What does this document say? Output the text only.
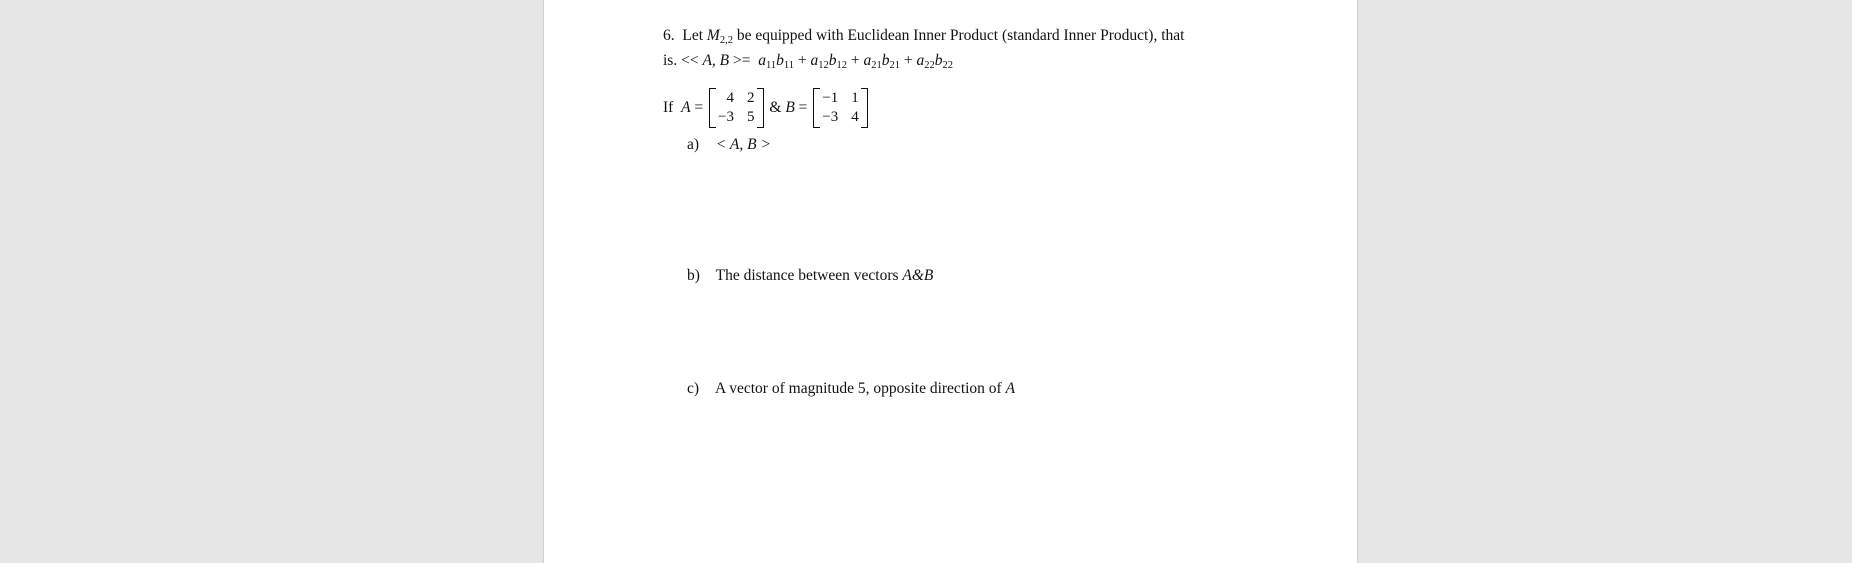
6. Let $M_{2,2}$ be equipped with Euclidean Inner Product (standard Inner Product), that
is. << A, $B >= a_{11}b_{11} + a_{12}b_{12} + a_{21}b_{21} + a_{22}b_{22}$
If
A
=

4 2
−3 5

&
B
=

−1 1
−3 4
a) < A, B >
b) The distance between vectors A&B
c) A vector of magnitude 5, opposite direction of A
